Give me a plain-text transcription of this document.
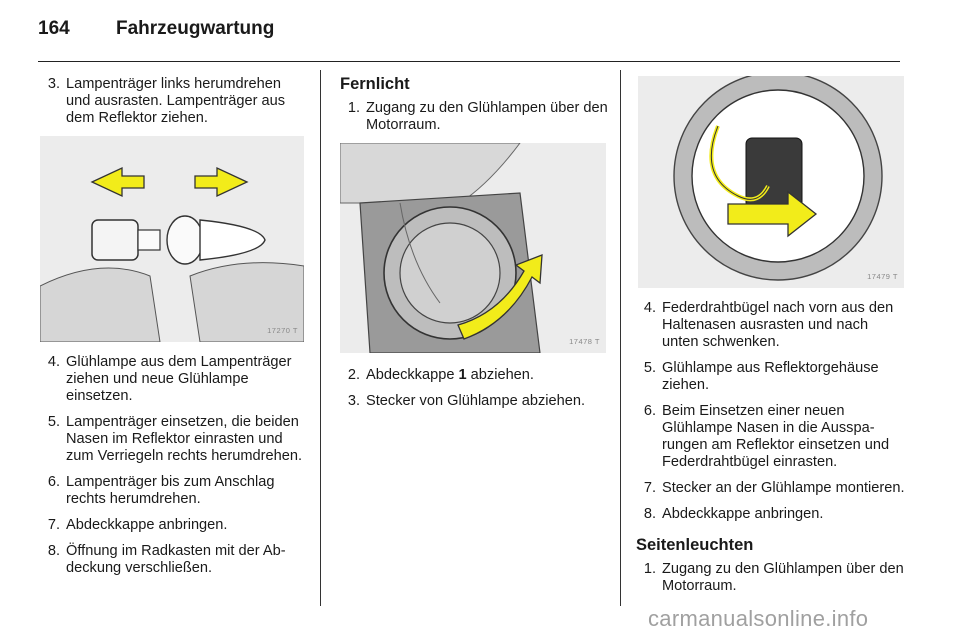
164	Fahrzeugwartung
3. Lampenträger links herumdrehen und ausrasten. Lampenträger aus dem Reflektor ziehen.
17270 T
4. Glühlampe aus dem Lampenträger ziehen und neue Glühlampe einsetzen.
5. Lampenträger einsetzen, die beiden Nasen im Reflektor einrasten und zum Verriegeln rechts herumdrehen.
6. Lampenträger bis zum Anschlag rechts herumdrehen.
7. Abdeckkappe anbringen.
8. Öffnung im Radkasten mit der Abdeckung verschließen.
Fernlicht
1. Zugang zu den Glühlampen über den Motorraum.
17478 T
2. Abdeckkappe 1 abziehen.
3. Stecker von Glühlampe abziehen.
17479 T
4. Federdrahtbügel nach vorn aus den Haltenasen ausrasten und nach unten schwenken.
5. Glühlampe aus Reflektorgehäuse ziehen.
6. Beim Einsetzen einer neuen Glühlampe Nasen in die Aussparungen am Reflektor einsetzen und Federdrahtbügel einrasten.
7. Stecker an der Glühlampe montieren.
8. Abdeckkappe anbringen.
Seitenleuchten
1. Zugang zu den Glühlampen über den Motorraum.
carmanualsonline.info
